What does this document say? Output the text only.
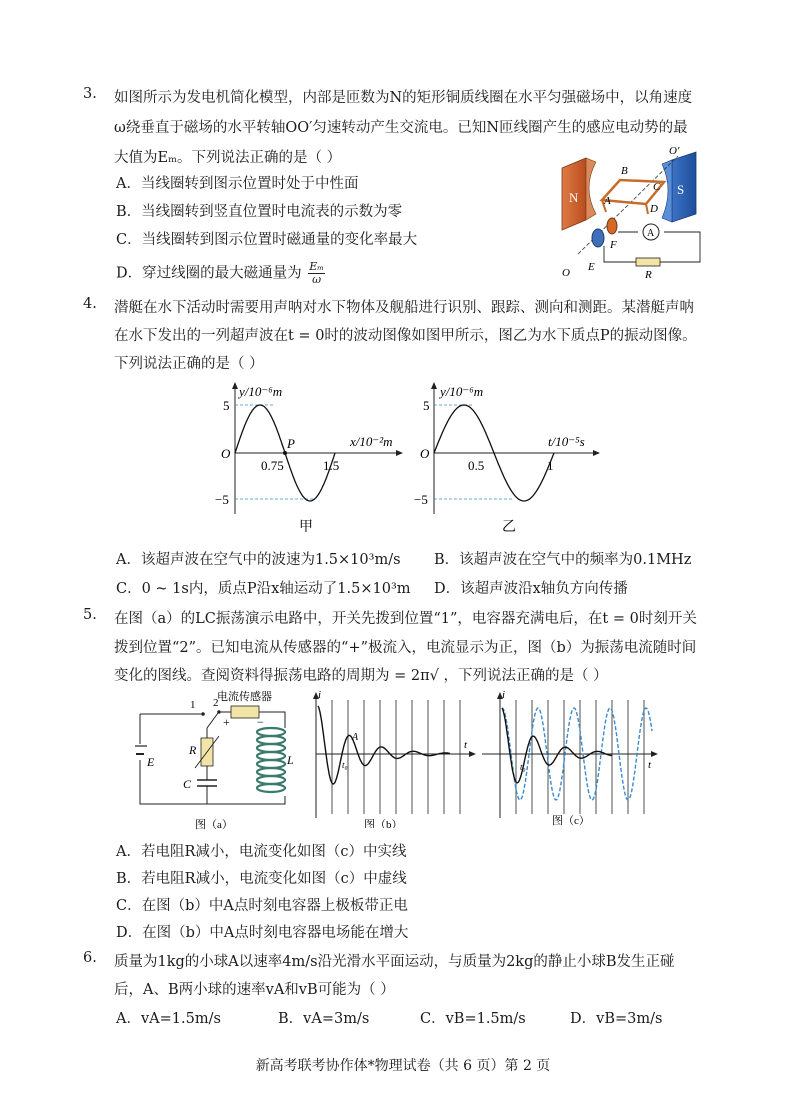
3. 如图所示为发电机简化模型，内部是匝数为N的矩形铜质线圈在水平匀强磁场中，以角速度
ω绕垂直于磁场的水平转轴OO′匀速转动产生交流电。已知N匝线圈产生的感应电动势的最
大值为Eₘ。下列说法正确的是（ ）
A．当线圈转到图示位置时处于中性面
B．当线圈转到竖直位置时电流表的示数为零
C．当线圈转到图示位置时磁通量的变化率最大
D．穿过线圈的最大磁通量为 $\frac{\text{Eₘ}}{\omega}$
N
S
B
C
A
D
O′
O E
F
A
R
4. 潜艇在水下活动时需要用声呐对水下物体及舰船进行识别、跟踪、测向和测距。某潜艇声呐
在水下发出的一列超声波在t = 0时的波动图像如图甲所示，图乙为水下质点P的振动图像。
下列说法正确的是（ ）
y/10⁻⁶m
x/10⁻²m
O
5
−5
0.75	1.5
P
甲
y/10⁻⁶m
t/10⁻⁵s
O
5
−5
0.5	1
乙
A．该超声波在空气中的波速为1.5×10³m/s B．该超声波在空气中的频率为0.1MHz
C．0 ~ 1s内，质点P沿x轴运动了1.5×10³m D．该超声波沿x轴负方向传播
5. 在图（a）的LC振荡演示电路中，开关先拨到位置“1”，电容器充满电后，在t = 0时刻开关
拨到位置“2”。已知电流从传感器的“+”极流入，电流显示为正，图（b）为振荡电流随时间
变化的图线。查阅资料得振荡电路的周期为 = 2π√ ，下列说法正确的是（ ）
E
1 2
电流传感器
+ −
R
C
L
图（a）
i
t
A
t₀
图（b）
i
t
t₀
图（c）
A．若电阻R减小，电流变化如图（c）中实线
B．若电阻R减小，电流变化如图（c）中虚线
C．在图（b）中A点时刻电容器上极板带正电
D．在图（b）中A点时刻电容器电场能在增大
6. 质量为1kg的小球A以速率4m/s沿光滑水平面运动，与质量为2kg的静止小球B发生正碰
后，A、B两小球的速率vA和vB可能为（ ）
A．vA=1.5m/s	B．vA=3m/s	C．vB=1.5m/s	D．vB=3m/s
新高考联考协作体*物理试卷（共 6 页）第 2 页
